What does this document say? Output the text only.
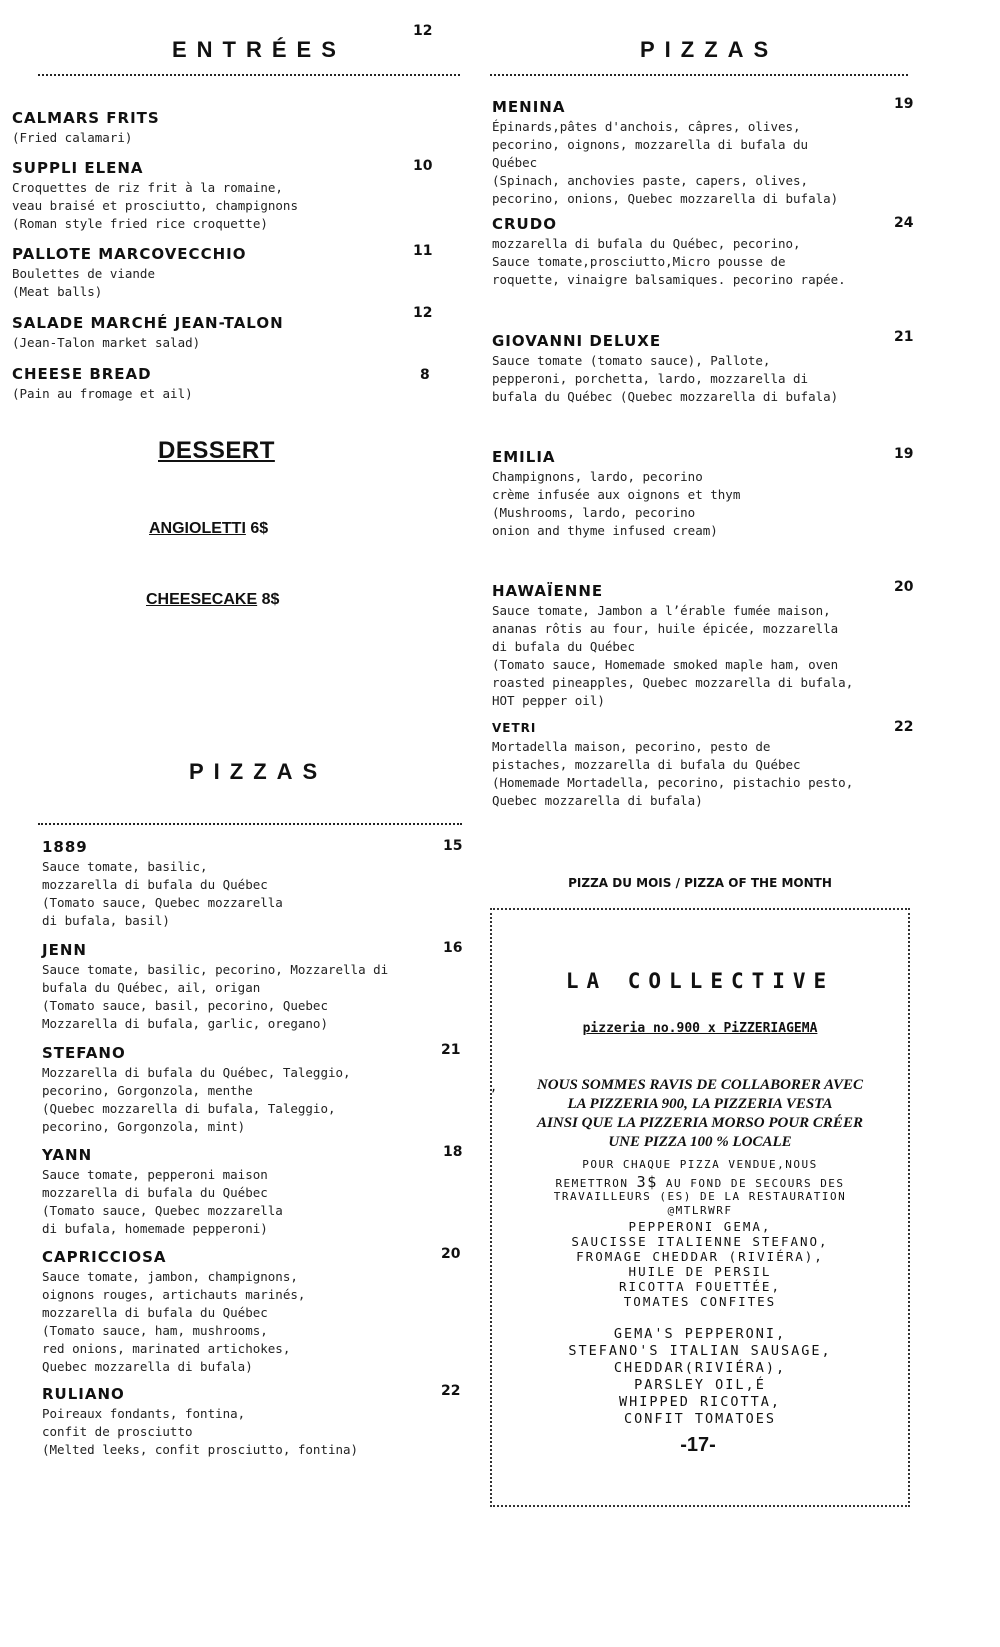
ENTRÉES
12
CALMARS FRITS
(Fried calamari)
SUPPLI ELENA
Croquettes de riz frit à la romaine,
veau braisé et prosciutto, champignons
(Roman style fried rice croquette)
10
PALLOTE MARCOVECCHIO
Boulettes de viande
(Meat balls)
11
SALADE MARCHÉ JEAN-TALON
(Jean-Talon market salad)
12
CHEESE BREAD
(Pain au fromage et ail)
8
DESSERT
ANGIOLETTI 6$
CHEESECAKE 8$
PIZZAS
1889
Sauce tomate, basilic,
mozzarella di bufala du Québec
(Tomato sauce, Quebec mozzarella
di bufala, basil)
15
JENN
Sauce tomate, basilic, pecorino, Mozzarella di
bufala du Québec, ail, origan
(Tomato sauce, basil, pecorino, Quebec
Mozzarella di bufala, garlic, oregano)
16
STEFANO
Mozzarella di bufala du Québec, Taleggio,
pecorino, Gorgonzola, menthe
(Quebec mozzarella di bufala, Taleggio,
pecorino, Gorgonzola, mint)
21
YANN
Sauce tomate, pepperoni maison
mozzarella di bufala du Québec
(Tomato sauce, Quebec mozzarella
di bufala, homemade pepperoni)
18
CAPRICCIOSA
Sauce tomate, jambon, champignons,
oignons rouges, artichauts marinés,
mozzarella di bufala du Québec
(Tomato sauce, ham, mushrooms,
red onions, marinated artichokes,
Quebec mozzarella di bufala)
20
RULIANO
Poireaux fondants, fontina,
confit de prosciutto
(Melted leeks, confit prosciutto, fontina)
22
PIZZAS
MENINA
Épinards,pâtes d'anchois, câpres, olives,
pecorino, oignons, mozzarella di bufala du
Québec
(Spinach, anchovies paste, capers, olives,
pecorino, onions, Quebec mozzarella di bufala)
19
CRUDO
mozzarella di bufala du Québec, pecorino,
Sauce tomate,prosciutto,Micro pousse de
roquette, vinaigre balsamiques. pecorino rapée.
24
GIOVANNI DELUXE
Sauce tomate (tomato sauce), Pallote,
pepperoni, porchetta, lardo, mozzarella di
bufala du Québec (Quebec mozzarella di bufala)
21
EMILIA
Champignons, lardo, pecorino
crème infusée aux oignons et thym
(Mushrooms, lardo, pecorino
onion and thyme infused cream)
19
HAWAÏENNE
Sauce tomate, Jambon a l’érable fumée maison,
ananas rôtis au four, huile épicée, mozzarella
di bufala du Québec
(Tomato sauce, Homemade smoked maple ham, oven
roasted pineapples, Quebec mozzarella di bufala,
HOT pepper oil)
20
VETRI
Mortadella maison, pecorino, pesto de
pistaches, mozzarella di bufala du Québec
(Homemade Mortadella, pecorino, pistachio pesto,
Quebec mozzarella di bufala)
22
PIZZA DU MOIS / PIZZA OF THE MONTH
LA COLLECTIVE
pizzeria no.900 x PiZZERIAGEMA
,	NOUS SOMMES RAVIS DE COLLABORER AVEC
LA PIZZERIA 900, LA PIZZERIA VESTA
AINSI QUE LA PIZZERIA MORSO POUR CRÉER
UNE PIZZA 100 % LOCALE
POUR CHAQUE PIZZA VENDUE,NOUS
REMETTRON 3$ AU FOND DE SECOURS DES
TRAVAILLEURS (ES) DE LA RESTAURATION
@MTLRWRF
PEPPERONI GEMA,
SAUCISSE ITALIENNE STEFANO,
FROMAGE CHEDDAR (RIVIÉRA),
HUILE DE PERSIL
RICOTTA FOUETTÉE,
TOMATES CONFITES
GEMA'S PEPPERONI,
STEFANO'S ITALIAN SAUSAGE,
CHEDDAR(RIVIÉRA),
PARSLEY OIL,É
WHIPPED RICOTTA,
CONFIT TOMATOES
-17-
